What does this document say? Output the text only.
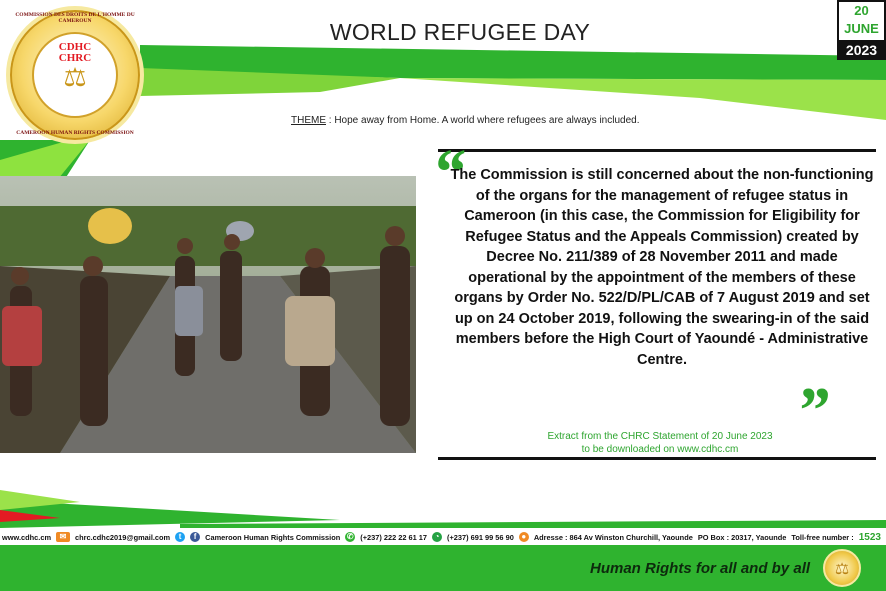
COMMISSION DES DROITS DE L'HOMME DU CAMEROUN
CDHC
CHRC
⚖
CAMEROON HUMAN RIGHTS COMMISSION
WORLD REFUGEE DAY
20
JUNE
2023
THEME : Hope away from Home. A world where refugees are always included.
“
The Commission is still concerned about the non-functioning of the organs for the management of refugee status in Cameroon (in this case, the Commission for Eligibility for Refugee Status and the Appeals Commission) created by Decree No. 211/389 of 28 November 2011 and made operational by the appointment of the members of these organs by Order No. 522/D/PL/CAB of 7 August 2019 and set up on 24 October 2019, following the swearing-in of the said members before the High Court of Yaoundé - Administrative Centre.
”
Extract from the CHRC Statement of 20 June 2023
to be downloaded on www.cdhc.cm
www.cdhc.cm	✉	chrc.cdhc2019@gmail.com	t	f	Cameroon Human Rights Commission ✆ (+237) 222 22 61 17 ◔	(+237) 691 99 56 90 ●	Adresse : 864 Av Winston Churchill, Yaounde PO Box : 20317, Yaounde Toll-free number : 1523
Human Rights for all and by all	⚖
